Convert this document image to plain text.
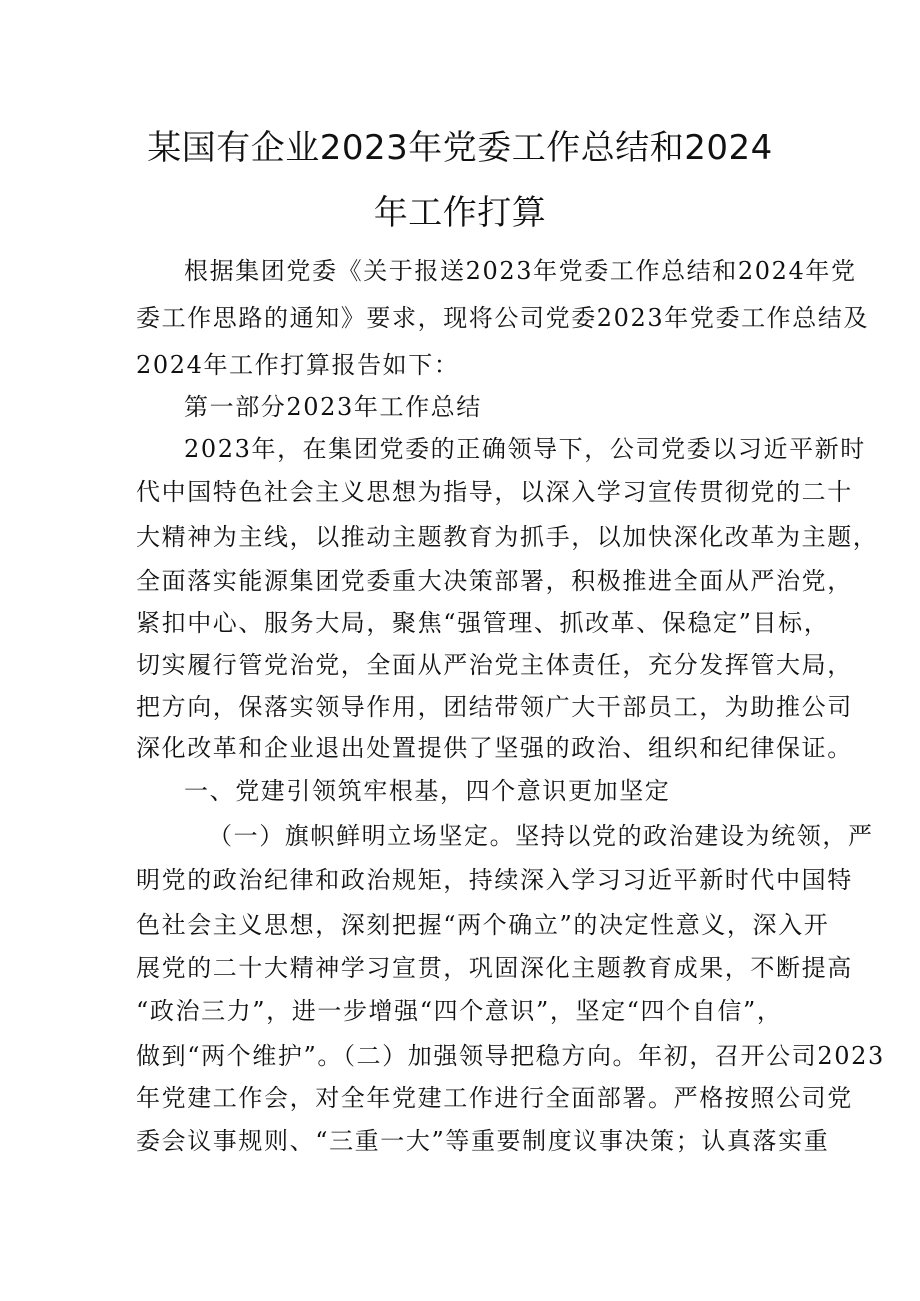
某国有企业2023年党委工作总结和2024
年工作打算
根据集团党委《关于报送2023年党委工作总结和2024年党
委工作思路的通知》要求，现将公司党委2023年党委工作总结及
2024年工作打算报告如下：
第一部分2023年工作总结
2023年，在集团党委的正确领导下，公司党委以习近平新时
代中国特色社会主义思想为指导，以深入学习宣传贯彻党的二十
大精神为主线，以推动主题教育为抓手，以加快深化改革为主题，
全面落实能源集团党委重大决策部署，积极推进全面从严治党，
紧扣中心、服务大局，聚焦“强管理、抓改革、保稳定”目标，
切实履行管党治党，全面从严治党主体责任，充分发挥管大局，
把方向，保落实领导作用，团结带领广大干部员工，为助推公司
深化改革和企业退出处置提供了坚强的政治、组织和纪律保证。
一、党建引领筑牢根基，四个意识更加坚定
（一）旗帜鲜明立场坚定。坚持以党的政治建设为统领，严
明党的政治纪律和政治规矩，持续深入学习习近平新时代中国特
色社会主义思想，深刻把握“两个确立”的决定性意义，深入开
展党的二十大精神学习宣贯，巩固深化主题教育成果，不断提高
“政治三力”，进一步增强“四个意识”，坚定“四个自信”，
做到“两个维护”。（二）加强领导把稳方向。年初，召开公司2023
年党建工作会，对全年党建工作进行全面部署。严格按照公司党
委会议事规则、“三重一大”等重要制度议事决策；认真落实重
